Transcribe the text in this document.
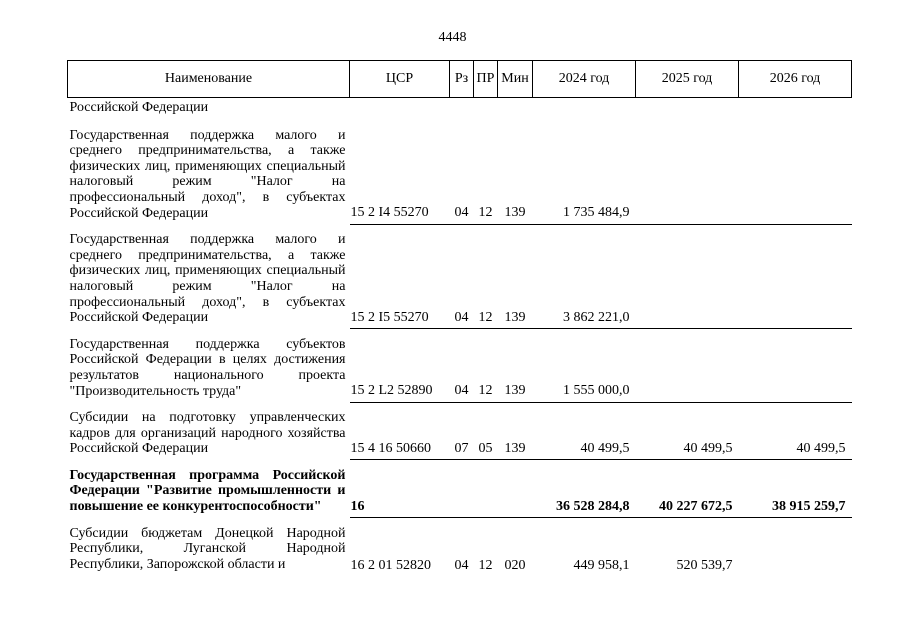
4448
Наименование	ЦСР	Рз	ПР	Мин	2024 год	2025 год	2026 год
Российской Федерации							
Государственная поддержка малого и среднего предпринимательства, а также физических лиц, применяющих специальный налоговый режим "Налог на профессиональный доход", в субъектах Российской Федерации	15 2 I4 55270	04	12	139	1 735 484,9		
Государственная поддержка малого и среднего предпринимательства, а также физических лиц, применяющих специальный налоговый режим "Налог на профессиональный доход", в субъектах Российской Федерации	15 2 I5 55270	04	12	139	3 862 221,0		
Государственная поддержка субъектов Российской Федерации в целях достижения результатов национального проекта "Производительность труда"	15 2 L2 52890	04	12	139	1 555 000,0		
Субсидии на подготовку управленческих кадров для организаций народного хозяйства Российской Федерации	15 4 16 50660	07	05	139	40 499,5	40 499,5	40 499,5
Государственная программа Российской Федерации "Развитие промышленности и повышение ее конкурентоспособности"	16				36 528 284,8	40 227 672,5	38 915 259,7
Субсидии бюджетам Донецкой Народной Республики, Луганской Народной Республики, Запорожской области и	16 2 01 52820	04	12	020	449 958,1	520 539,7	
